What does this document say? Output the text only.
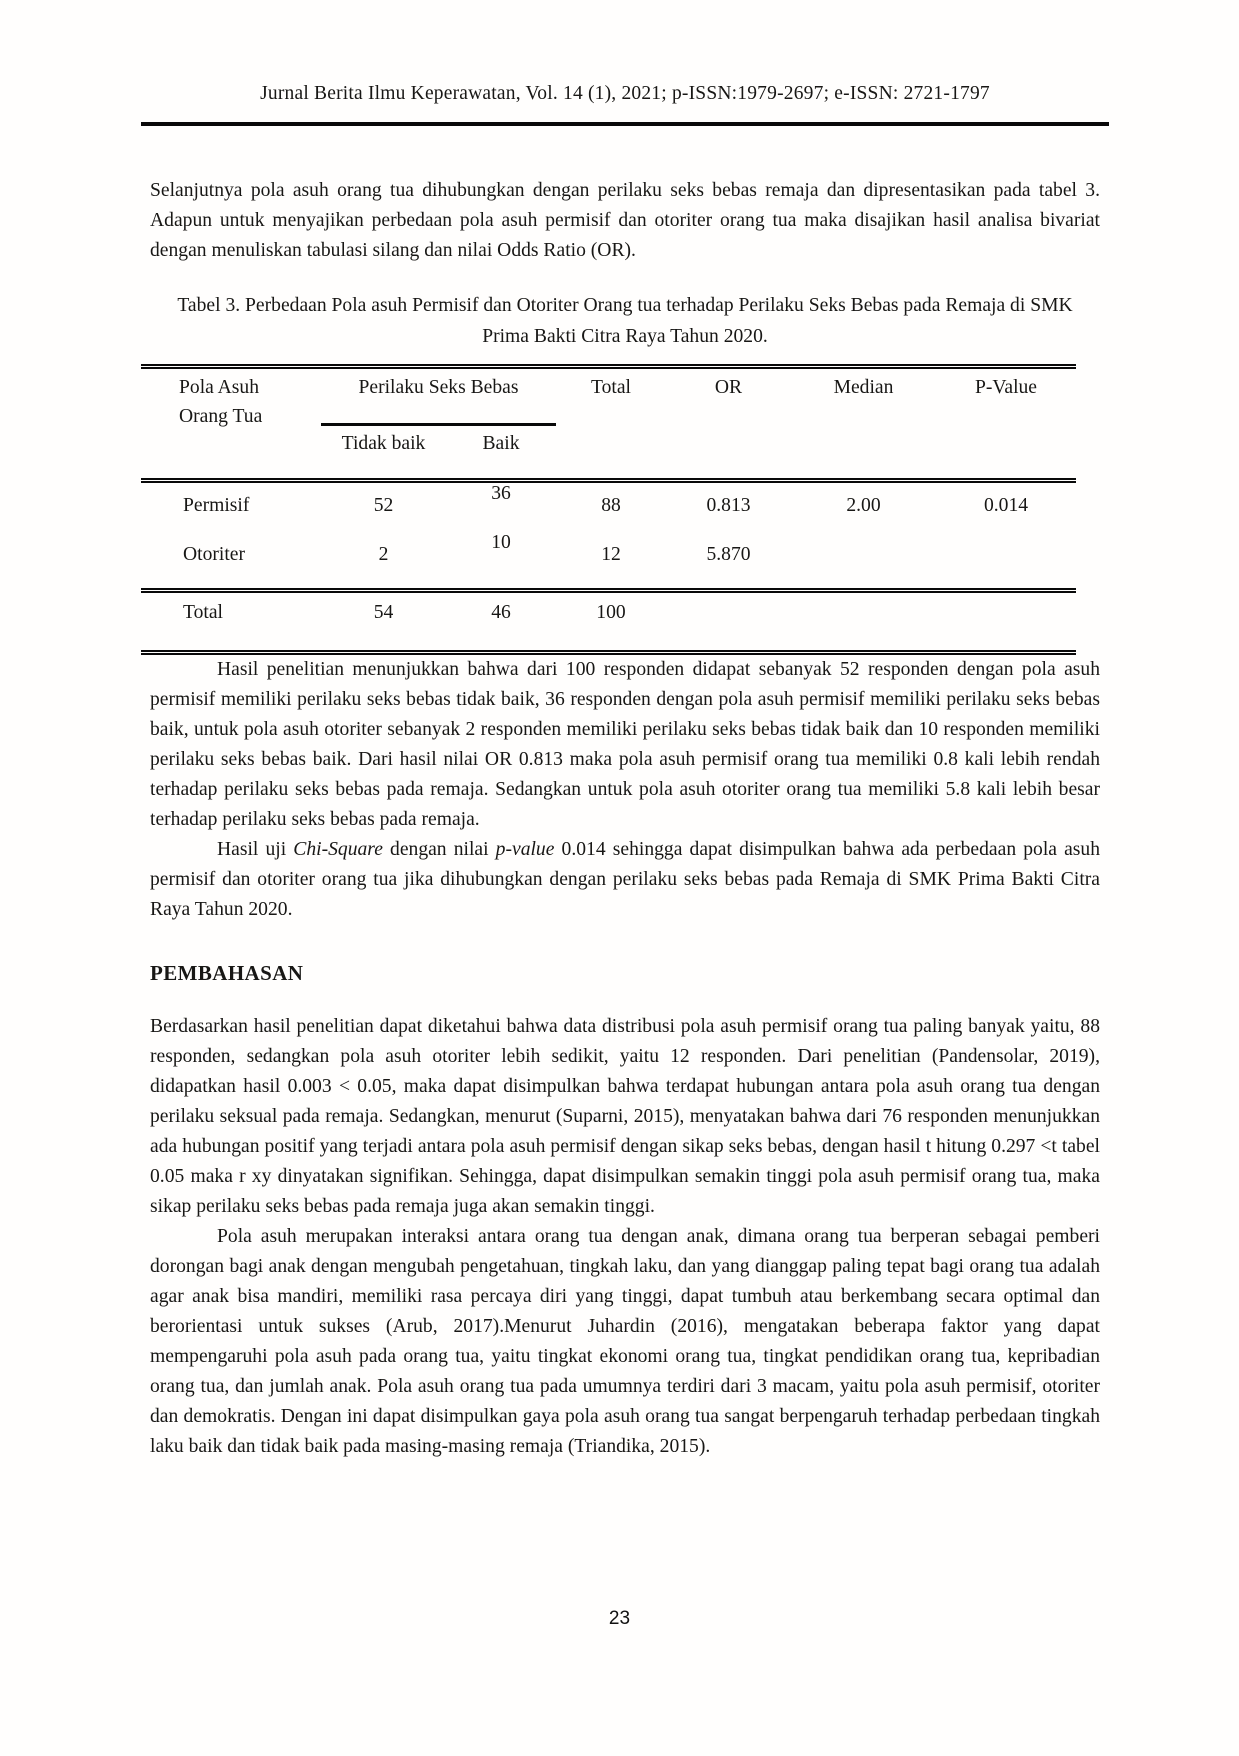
Jurnal Berita Ilmu Keperawatan, Vol. 14 (1), 2021; p-ISSN:1979-2697; e-ISSN: 2721-1797

Selanjutnya pola asuh orang tua dihubungkan dengan perilaku seks bebas remaja dan dipresentasikan pada tabel 3. Adapun untuk menyajikan perbedaan pola asuh permisif dan otoriter orang tua maka disajikan hasil analisa bivariat dengan menuliskan tabulasi silang dan nilai Odds Ratio (OR).

Tabel 3. Perbedaan Pola asuh Permisif dan Otoriter Orang tua terhadap Perilaku Seks Bebas pada Remaja di SMK Prima Bakti Citra Raya Tahun 2020.
Pola Asuh
Orang Tua	Perilaku Seks Bebas		Total	OR	Median	P-Value
	Tidak baik	Baik				
Permisif	52	36	88	0.813	2.00	0.014
Otoriter	2	10	12	5.870		
Total	54	46	100			

Hasil penelitian menunjukkan bahwa dari 100 responden didapat sebanyak 52 responden dengan pola asuh permisif memiliki perilaku seks bebas tidak baik, 36 responden dengan pola asuh permisif memiliki perilaku seks bebas baik, untuk pola asuh otoriter sebanyak 2 responden memiliki perilaku seks bebas tidak baik dan 10 responden memiliki perilaku seks bebas baik. Dari hasil nilai OR 0.813 maka pola asuh permisif orang tua memiliki 0.8 kali lebih rendah terhadap perilaku seks bebas pada remaja. Sedangkan untuk pola asuh otoriter orang tua memiliki 5.8 kali lebih besar terhadap perilaku seks bebas pada remaja.

Hasil uji Chi-Square dengan nilai p-value 0.014 sehingga dapat disimpulkan bahwa ada perbedaan pola asuh permisif dan otoriter orang tua jika dihubungkan dengan perilaku seks bebas pada Remaja di SMK Prima Bakti Citra Raya Tahun 2020.

PEMBAHASAN

Berdasarkan hasil penelitian dapat diketahui bahwa data distribusi pola asuh permisif orang tua paling banyak yaitu, 88 responden, sedangkan pola asuh otoriter lebih sedikit, yaitu 12 responden. Dari penelitian (Pandensolar, 2019), didapatkan hasil 0.003 < 0.05, maka dapat disimpulkan bahwa terdapat hubungan antara pola asuh orang tua dengan perilaku seksual pada remaja. Sedangkan, menurut (Suparni, 2015), menyatakan bahwa dari 76 responden menunjukkan ada hubungan positif yang terjadi antara pola asuh permisif dengan sikap seks bebas, dengan hasil t hitung 0.297 <t tabel 0.05 maka r xy dinyatakan signifikan. Sehingga, dapat disimpulkan semakin tinggi pola asuh permisif orang tua, maka sikap perilaku seks bebas pada remaja juga akan semakin tinggi.

Pola asuh merupakan interaksi antara orang tua dengan anak, dimana orang tua berperan sebagai pemberi dorongan bagi anak dengan mengubah pengetahuan, tingkah laku, dan yang dianggap paling tepat bagi orang tua adalah agar anak bisa mandiri, memiliki rasa percaya diri yang tinggi, dapat tumbuh atau berkembang secara optimal dan berorientasi untuk sukses (Arub, 2017).Menurut Juhardin (2016), mengatakan beberapa faktor yang dapat mempengaruhi pola asuh pada orang tua, yaitu tingkat ekonomi orang tua, tingkat pendidikan orang tua, kepribadian orang tua, dan jumlah anak. Pola asuh orang tua pada umumnya terdiri dari 3 macam, yaitu pola asuh permisif, otoriter dan demokratis. Dengan ini dapat disimpulkan gaya pola asuh orang tua sangat berpengaruh terhadap perbedaan tingkah laku baik dan tidak baik pada masing-masing remaja (Triandika, 2015).

23
